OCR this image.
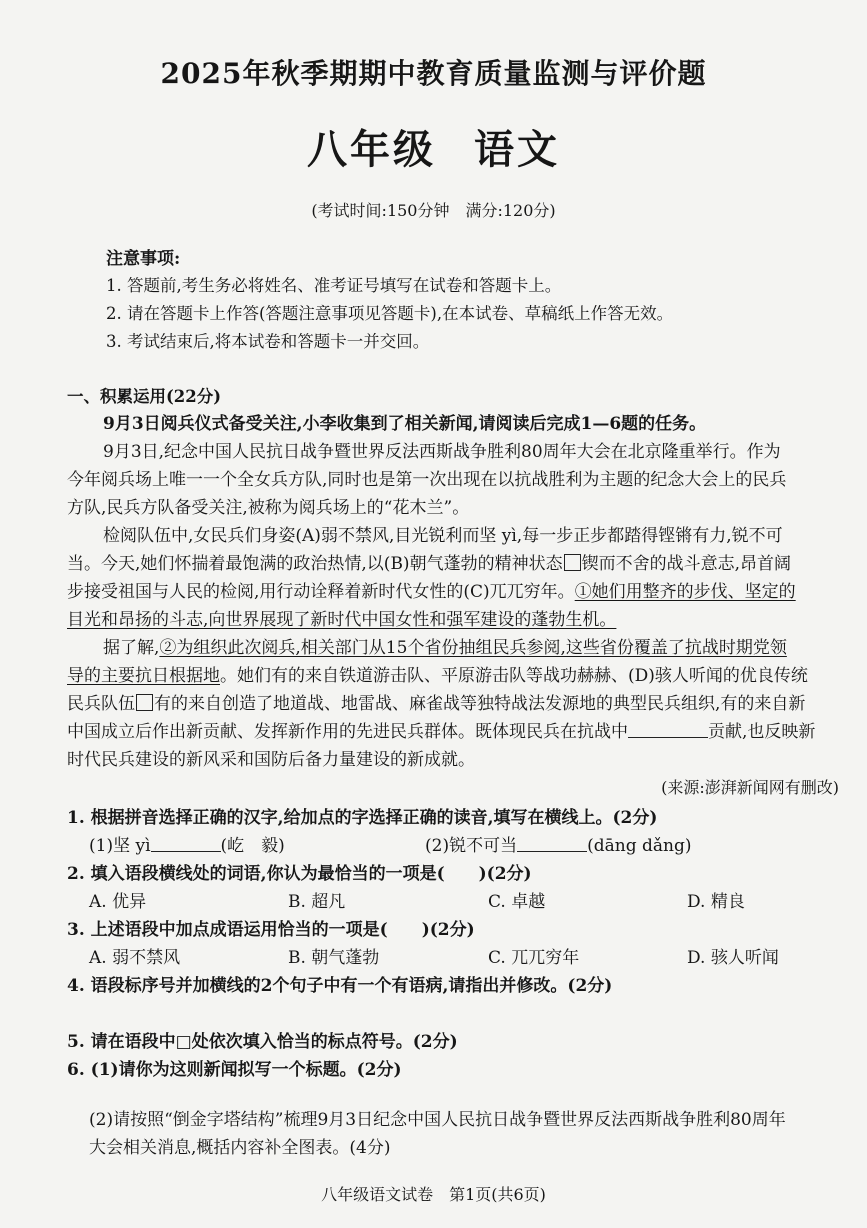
2025年秋季期期中教育质量监测与评价题
八年级 语文
(考试时间:150分钟　满分:120分)
注意事项:
1. 答题前,考生务必将姓名、准考证号填写在试卷和答题卡上。
2. 请在答题卡上作答(答题注意事项见答题卡),在本试卷、草稿纸上作答无效。
3. 考试结束后,将本试卷和答题卡一并交回。
一、积累运用(22分)
9月3日阅兵仪式备受关注,小李收集到了相关新闻,请阅读后完成1—6题的任务。
9月3日,纪念中国人民抗日战争暨世界反法西斯战争胜利80周年大会在北京隆重举行。作为
今年阅兵场上唯一一个全女兵方队,同时也是第一次出现在以抗战胜利为主题的纪念大会上的民兵
方队,民兵方队备受关注,被称为阅兵场上的“花木兰”。
检阅队伍中,女民兵们身姿(A)弱不禁风,目光锐利而坚 yì,每一步正步都踏得铿锵有力,锐不可
当。今天,她们怀揣着最饱满的政治热情,以(B)朝气蓬勃的精神状态 锲而不舍的战斗意志,昂首阔
步接受祖国与人民的检阅,用行动诠释着新时代女性的(C)兀兀穷年。①她们用整齐的步伐、坚定的
目光和昂扬的斗志,向世界展现了新时代中国女性和强军建设的蓬勃生机。
据了解,②为组织此次阅兵,相关部门从15个省份抽组民兵参阅,这些省份覆盖了抗战时期党领
导的主要抗日根据地。她们有的来自铁道游击队、平原游击队等战功赫赫、(D)骇人听闻的优良传统
民兵队伍 有的来自创造了地道战、地雷战、麻雀战等独特战法发源地的典型民兵组织,有的来自新
中国成立后作出新贡献、发挥新作用的先进民兵群体。既体现民兵在抗战中	贡献,也反映新
时代民兵建设的新风采和国防后备力量建设的新成就。
(来源:澎湃新闻网有删改)
1. 根据拼音选择正确的汉字,给加点的字选择正确的读音,填写在横线上。(2分)
(1)坚 yì	(屹　毅)	(2)锐不可当	(dāng dǎng)
2. 填入语段横线处的词语,你认为最恰当的一项是(　　)(2分)
A. 优异	B. 超凡	C. 卓越	D. 精良
3. 上述语段中加点成语运用恰当的一项是(　　)(2分)
A. 弱不禁风	B. 朝气蓬勃	C. 兀兀穷年	D. 骇人听闻
4. 语段标序号并加横线的2个句子中有一个有语病,请指出并修改。(2分)
5. 请在语段中□处依次填入恰当的标点符号。(2分)
6. (1)请你为这则新闻拟写一个标题。(2分)
(2)请按照“倒金字塔结构”梳理9月3日纪念中国人民抗日战争暨世界反法西斯战争胜利80周年
大会相关消息,概括内容补全图表。(4分)
八年级语文试卷　第1页(共6页)
